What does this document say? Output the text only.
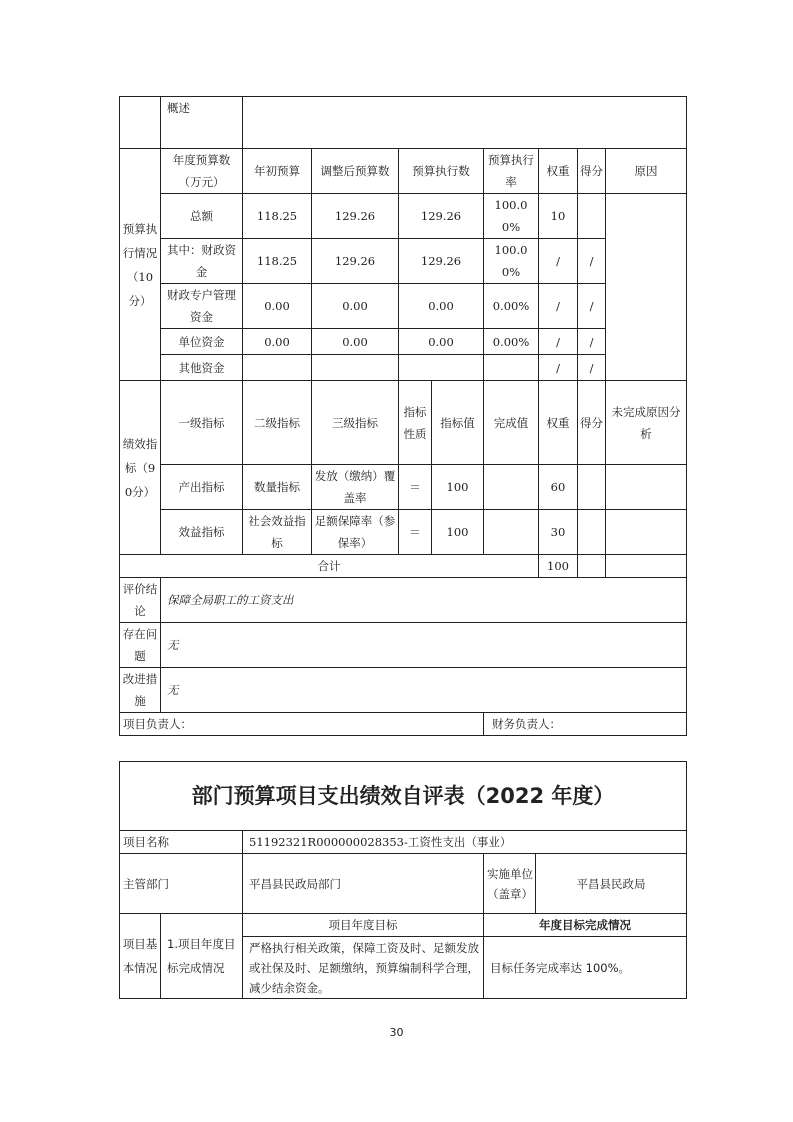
	概述								
预算执行情况（10分）	年度预算数（万元）	年初预算	调整后预算数	预算执行数		预算执行率	权重	得分	原因
	总额	118.25	129.26	129.26		100.00%	10		
	其中：财政资金	118.25	129.26	129.26		100.00%	/	/	
	财政专户管理资金	0.00	0.00	0.00		0.00%	/	/	
	单位资金	0.00	0.00	0.00		0.00%	/	/	
	其他资金						/	/	
绩效指标（90分）	一级指标	二级指标	三级指标	指标性质	指标值	完成值	权重	得分	未完成原因分析
	产出指标	数量指标	发放（缴纳）覆盖率	＝	100		60		
	效益指标	社会效益指标	足额保障率（参保率）	＝	100		30		
合计							100		
评价结论	保障全局职工的工资支出								
存在问题	无								
改进措施	无								
项目负责人：						财务负责人：			
部门预算项目支出绩效自评表（2022 年度）				
项目名称		51192321R000000028353-工资性支出（事业）		
主管部门		平昌县民政局部门	实施单位（盖章）	平昌县民政局
项目基本情况	1.项目年度目标完成情况	项目年度目标	年度目标完成情况	
		严格执行相关政策，保障工资及时、足额发放或社保及时、足额缴纳，预算编制科学合理，减少结余资金。	目标任务完成率达 100%。	
30
